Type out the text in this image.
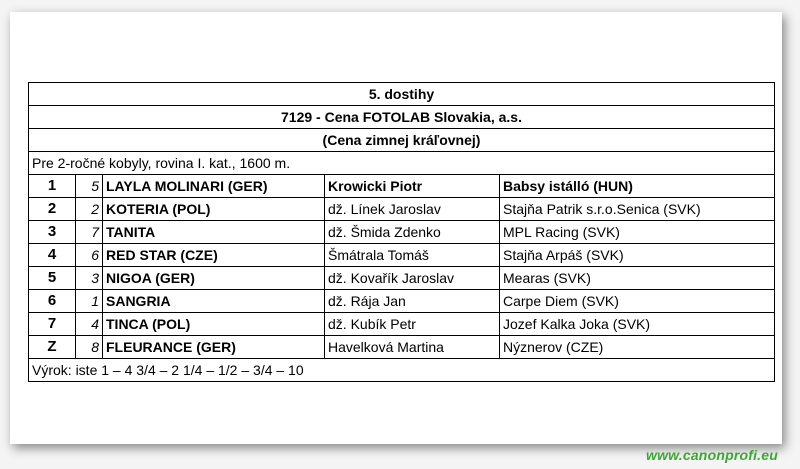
5. dostihy				
7129 - Cena FOTOLAB Slovakia, a.s.				
(Cena zimnej kráľovnej)				
Pre 2-ročné kobyly, rovina I. kat., 1600 m.				
1	5	LAYLA MOLINARI (GER)	Krowicki Piotr	Babsy istálló (HUN)
2	2	KOTERIA (POL)	dž. Línek Jaroslav	Stajňa Patrik s.r.o.Senica (SVK)
3	7	TANITA	dž. Šmida Zdenko	MPL Racing (SVK)
4	6	RED STAR (CZE)	Šmátrala Tomáš	Stajňa Arpáš (SVK)
5	3	NIGOA (GER)	dž. Kovařík Jaroslav	Mearas (SVK)
6	1	SANGRIA	dž. Rája Jan	Carpe Diem (SVK)
7	4	TINCA (POL)	dž. Kubík Petr	Jozef Kalka Joka (SVK)
Z	8	FLEURANCE (GER)	Havelková Martina	Nýznerov (CZE)
Výrok: iste 1 – 4 3/4 – 2 1/4 – 1/2 – 3/4 – 10				
www.canonprofi.eu
